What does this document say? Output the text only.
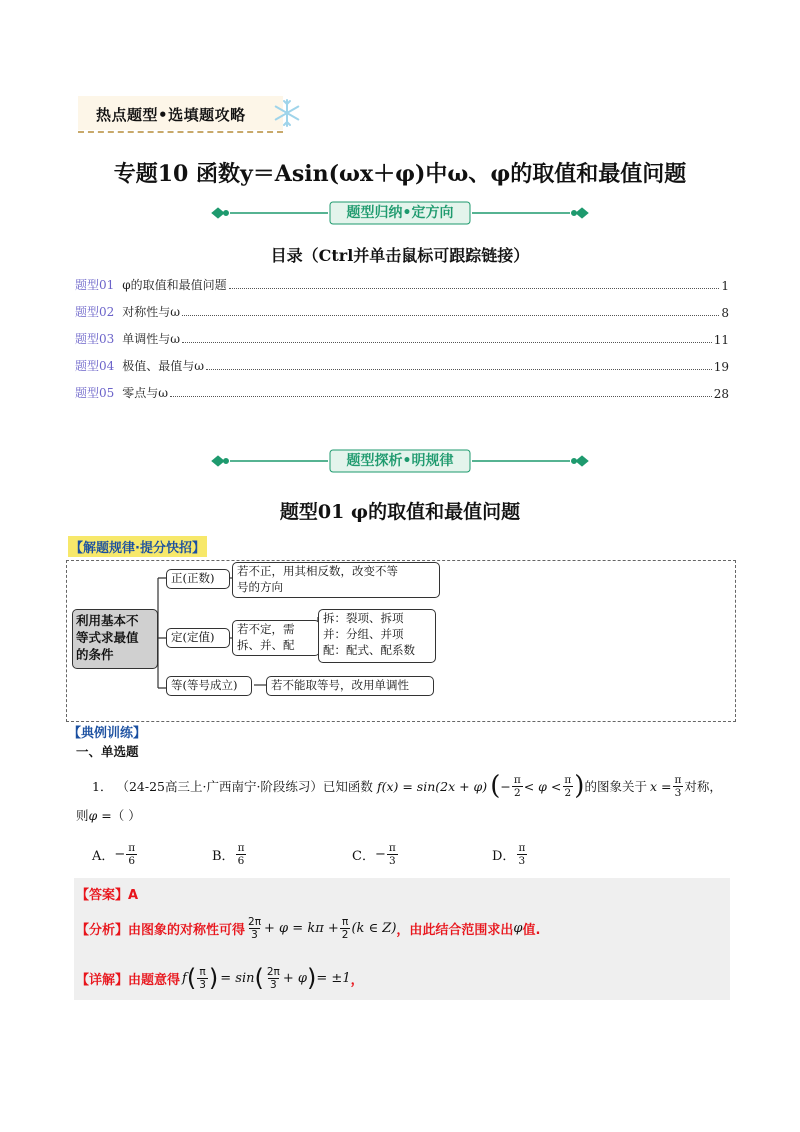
热点题型•选填题攻略
专题10 函数y＝Asin(ωx＋φ)中ω、φ的取值和最值问题
题型归纳•定方向
目录（Ctrl并单击鼠标可跟踪链接）
题型01 φ的取值和最值问题	1
题型02 对称性与ω	8
题型03 单调性与ω	11
题型04 极值、最值与ω	19
题型05 零点与ω	28
题型探析•明规律
题型01 φ的取值和最值问题
【解题规律·提分快招】
利用基本不
等式求最值
的条件
正(正数)	若不正，用其相反数，改变不等
号的方向
定(定值)
若不定，需
拆、并、配
拆：裂项、拆项
并：分组、并项
配：配式、配系数
等(等号成立)	若不能取等号，改用单调性
【典例训练】
一、单选题
1． （24-25高三上·广西南宁·阶段练习）已知函数 f(x) = sin(2x + φ) ( − $\frac{\pi}{2} < \varphi < \frac{\pi}{2}$ ) 的图象关于 $x = \frac{\pi}{3}$ 对称，
则φ =（ ）
A． − $\frac{\pi}{6}$	B． $\frac{\pi}{6}$	C． − $\frac{\pi}{3}$	D． $\frac{\pi}{3}$
【答案】A
【分析】由图象的对称性可得 $\frac{2\pi}{3} + \varphi = k\pi + \frac{\pi}{2} (k$ ∈ Z) ，由此结合范围求出 φ 值.
【详解】由题意得 f ( $\frac{\pi}{3}$ ) = sin ( $\frac{2\pi}{3} + \varphi$ ) = ±1 ，
